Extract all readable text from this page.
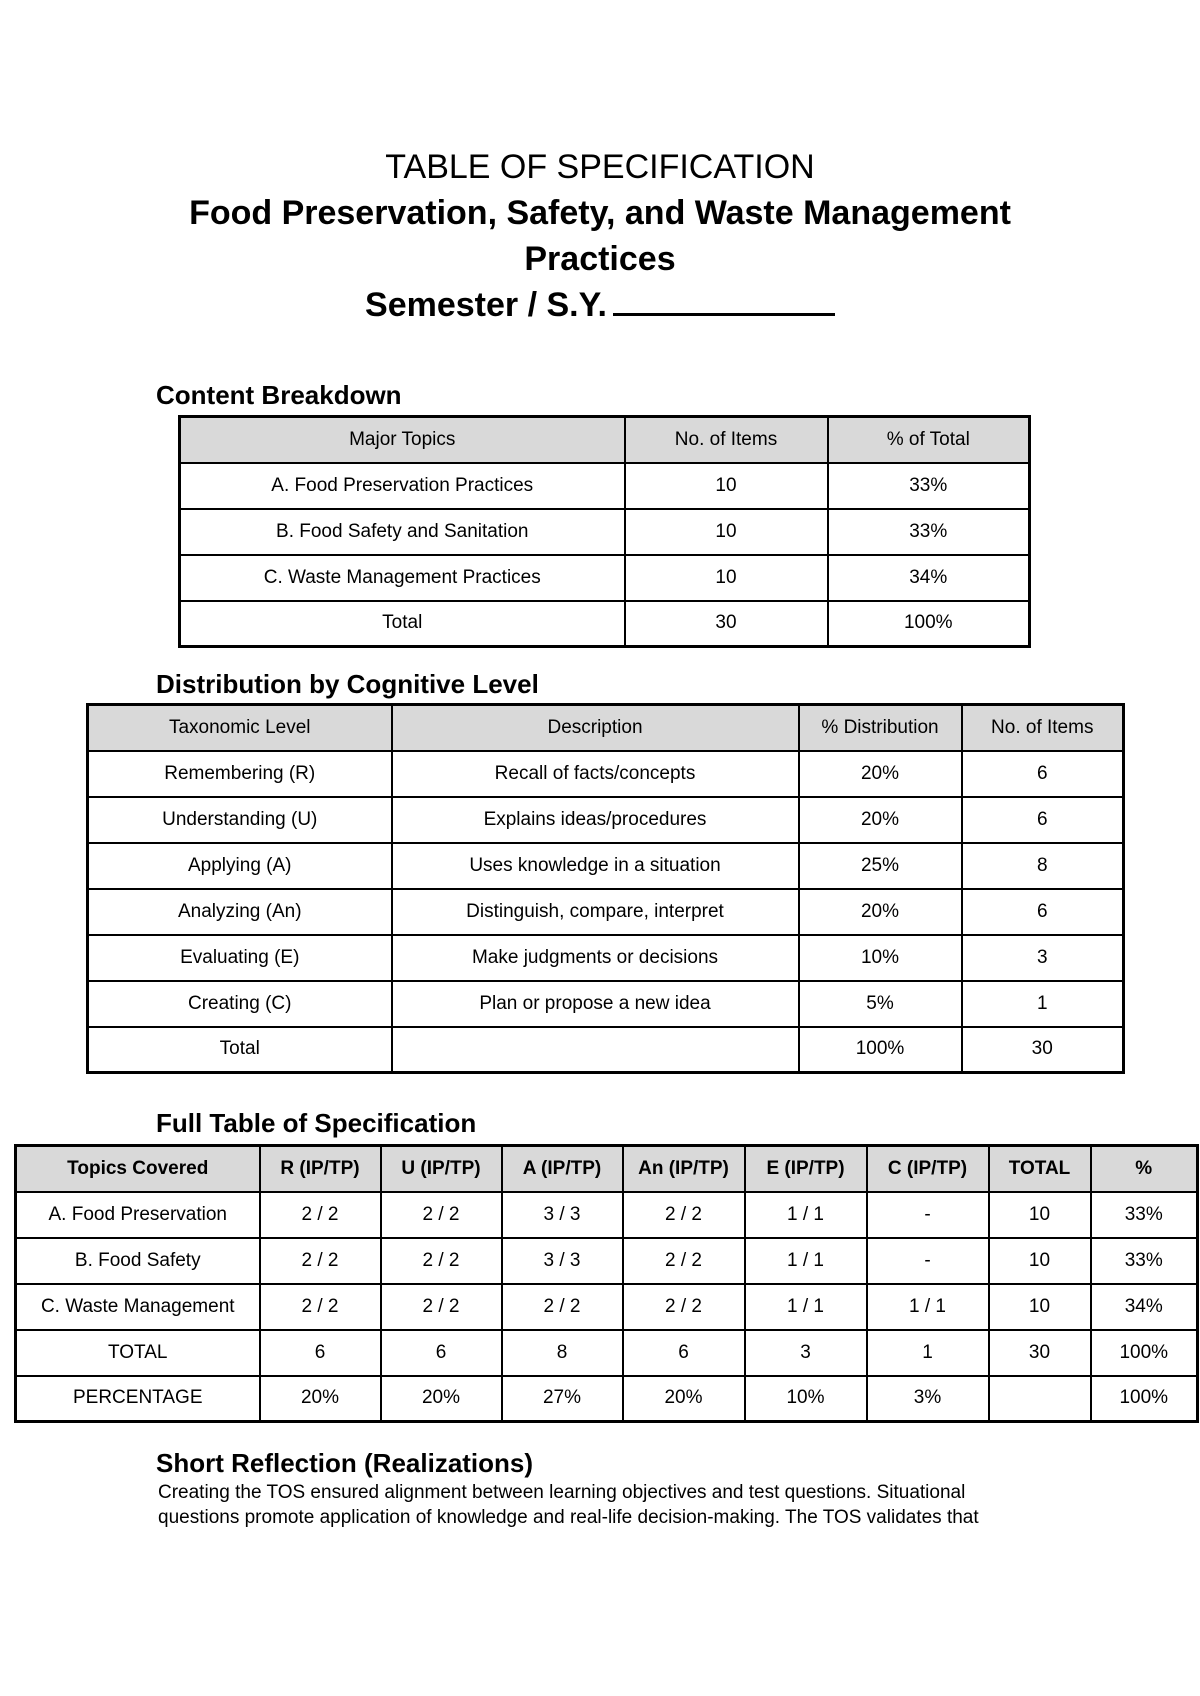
TABLE OF SPECIFICATION
Food Preservation, Safety, and Waste Management
Practices
Semester / S.Y.
Content Breakdown
Major Topics	No. of Items	% of Total
A. Food Preservation Practices	10	33%
B. Food Safety and Sanitation	10	33%
C. Waste Management Practices	10	34%
Total	30	100%
Distribution by Cognitive Level
Taxonomic Level	Description	% Distribution	No. of Items
Remembering (R)	Recall of facts/concepts	20%	6
Understanding (U)	Explains ideas/procedures	20%	6
Applying (A)	Uses knowledge in a situation	25%	8
Analyzing (An)	Distinguish, compare, interpret	20%	6
Evaluating (E)	Make judgments or decisions	10%	3
Creating (C)	Plan or propose a new idea	5%	1
Total		100%	30
Full Table of Specification
Topics Covered	R (IP/TP)	U (IP/TP)	A (IP/TP)	An (IP/TP)	E (IP/TP)	C (IP/TP)	TOTAL	%
A. Food Preservation	2 / 2	2 / 2	3 / 3	2 / 2	1 / 1	-	10	33%
B. Food Safety	2 / 2	2 / 2	3 / 3	2 / 2	1 / 1	-	10	33%
C. Waste Management	2 / 2	2 / 2	2 / 2	2 / 2	1 / 1	1 / 1	10	34%
TOTAL	6	6	8	6	3	1	30	100%
PERCENTAGE	20%	20%	27%	20%	10%	3%		100%
Short Reflection (Realizations)
Creating the TOS ensured alignment between learning objectives and test questions. Situational
questions promote application of knowledge and real-life decision-making. The TOS validates that
